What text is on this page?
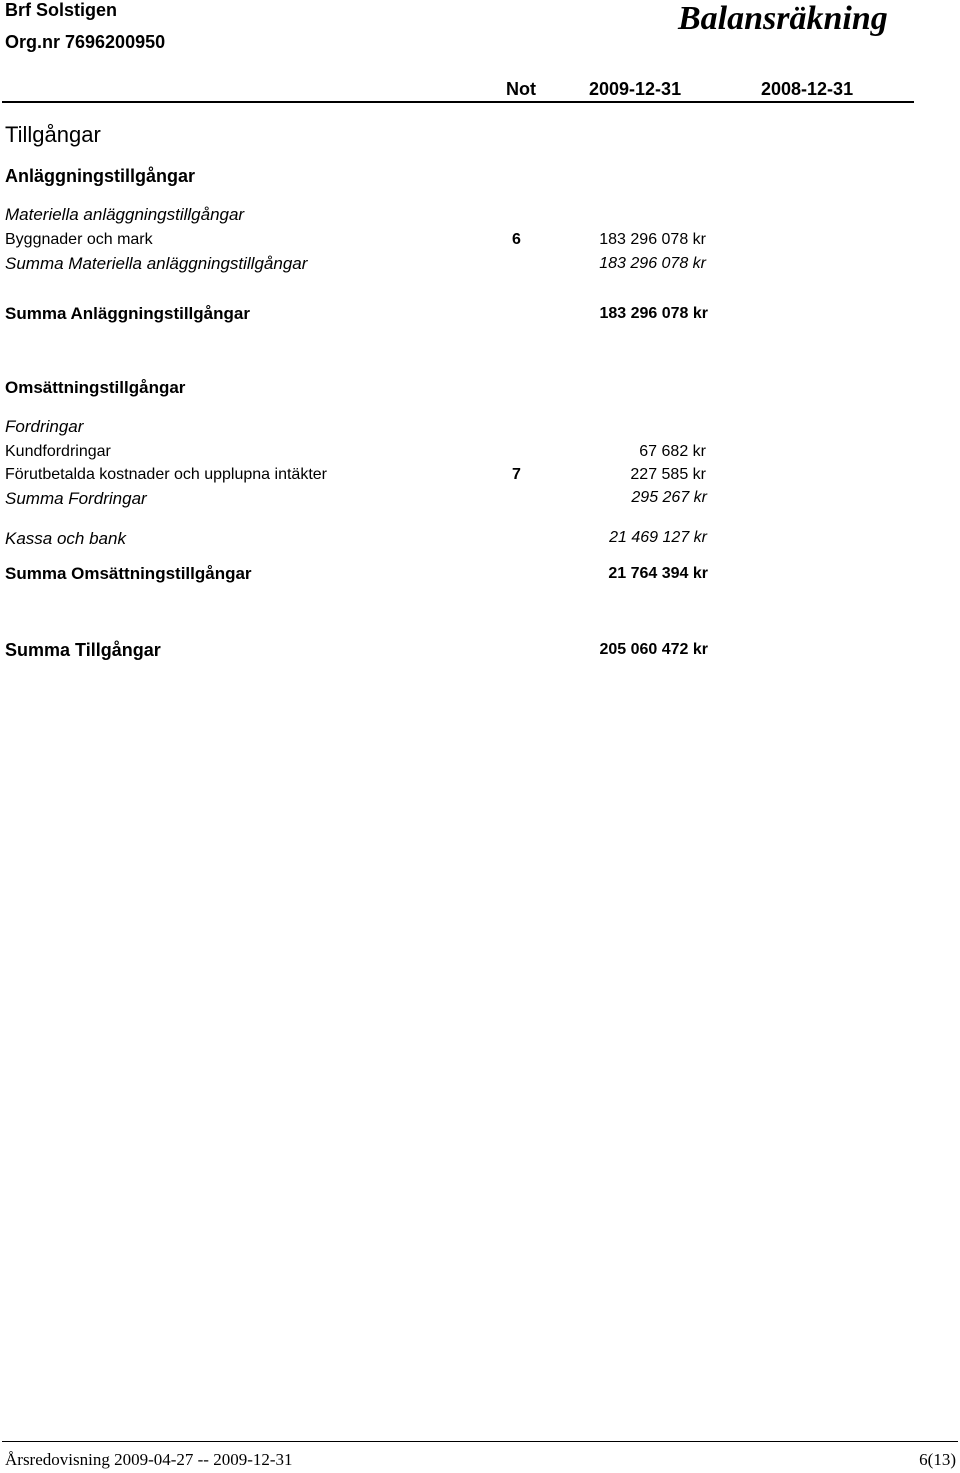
Brf Solstigen
Org.nr 7696200950
Balansräkning
Not	2009-12-31	2008-12-31
Tillgångar
Anläggningstillgångar
Materiella anläggningstillgångar
Byggnader och mark	6	183 296 078 kr
Summa Materiella anläggningstillgångar	183 296 078 kr
Summa Anläggningstillgångar	183 296 078 kr
Omsättningstillgångar
Fordringar
Kundfordringar	67 682 kr
Förutbetalda kostnader och upplupna intäkter	7	227 585 kr
Summa Fordringar	295 267 kr
Kassa och bank	21 469 127 kr
Summa Omsättningstillgångar	21 764 394 kr
Summa Tillgångar	205 060 472 kr
Årsredovisning 2009-04-27 -- 2009-12-31	6(13)
